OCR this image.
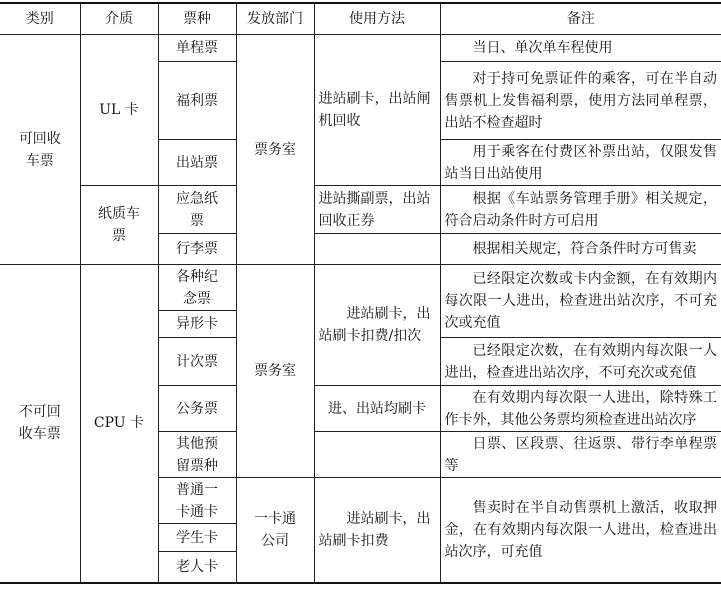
类别	介质	票种	发放部门	使用方法	备注
可回收车票	UL 卡	单程票	票务室	进站刷卡，出站闸机回收	当日、单次单车程使用
		福利票			对于持可免票证件的乘客，可在半自动售票机上发售福利票，使用方法同单程票，出站不检查超时
		出站票			用于乘客在付费区补票出站，仅限发售站当日出站使用

	纸质车票	应急纸票		进站撕副票，出站回收正券	根据《车站票务管理手册》相关规定，符合启动条件时方可启用
		行李票			根据相关规定，符合条件时方可售卖
不可回收车票	CPU 卡	各种纪念票	票务室	进站刷卡，出站刷卡扣费/扣次	已经限定次数或卡内金额，在有效期内每次限一人进出，检查进出站次序，不可充次或充值
		异形卡			
		计次票			已经限定次数，在有效期内每次限一人进出，检查进出站次序，不可充次或充值
		公务票		进、出站均刷卡	在有效期内每次限一人进出，除特殊工作卡外，其他公务票均须检查进出站次序
		其他预留票种			日票、区段票、往返票、带行李单程票等
		普通一卡通卡	一卡通公司	进站刷卡，出站刷卡扣费	售卖时在半自动售票机上激活，收取押金，在有效期内每次限一人进出，检查进出站次序，可充值
		学生卡			
		老人卡			
